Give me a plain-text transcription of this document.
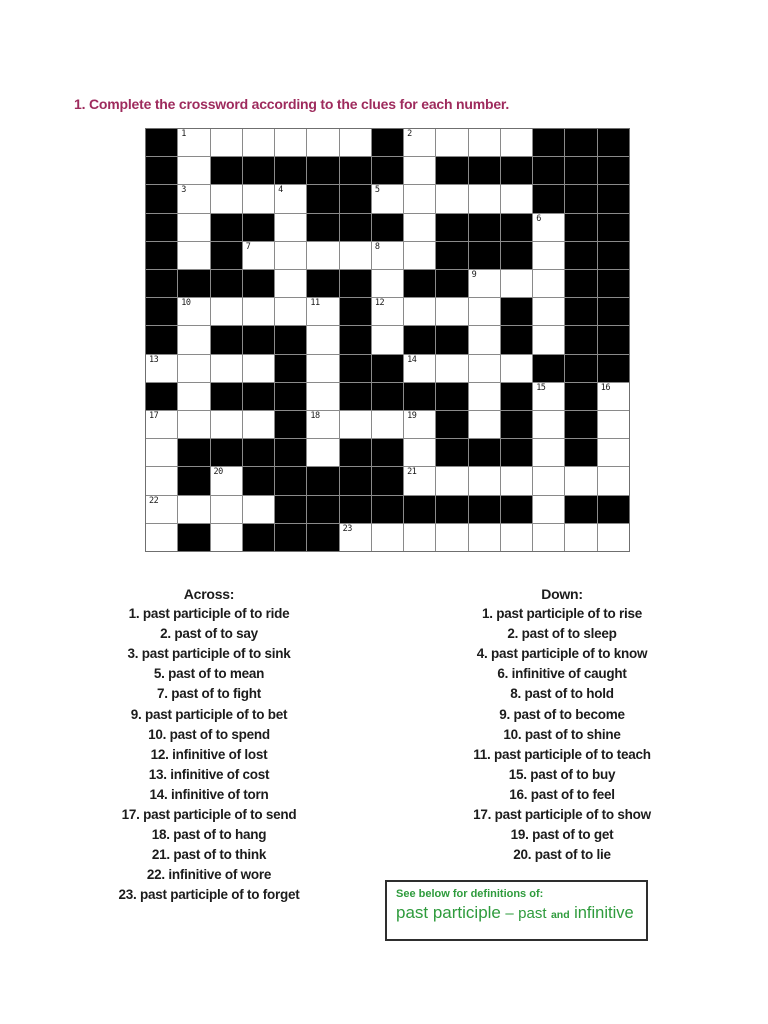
1. Complete the crossword according to the clues for each number.
1	2
3	4	5
6
7	8
9
10	11	12
13	14
15	16
17	18	19
20	21
22
23
Across:
1. past participle of to ride
2. past of to say
3. past participle of to sink
5. past of to mean
7. past of to fight
9. past participle of to bet
10. past of to spend
12. infinitive of lost
13. infinitive of cost
14. infinitive of torn
17. past participle of to send
18. past of to hang
21. past of to think
22. infinitive of wore
23. past participle of to forget
Down:
1. past participle of to rise
2. past of to sleep
4. past participle of to know
6. infinitive of caught
8. past of to hold
9. past of to become
10. past of to shine
11. past participle of to teach
15. past of to buy
16. past of to feel
17. past participle of to show
19. past of to get
20. past of to lie
See below for definitions of:
past participle – past and infinitive
